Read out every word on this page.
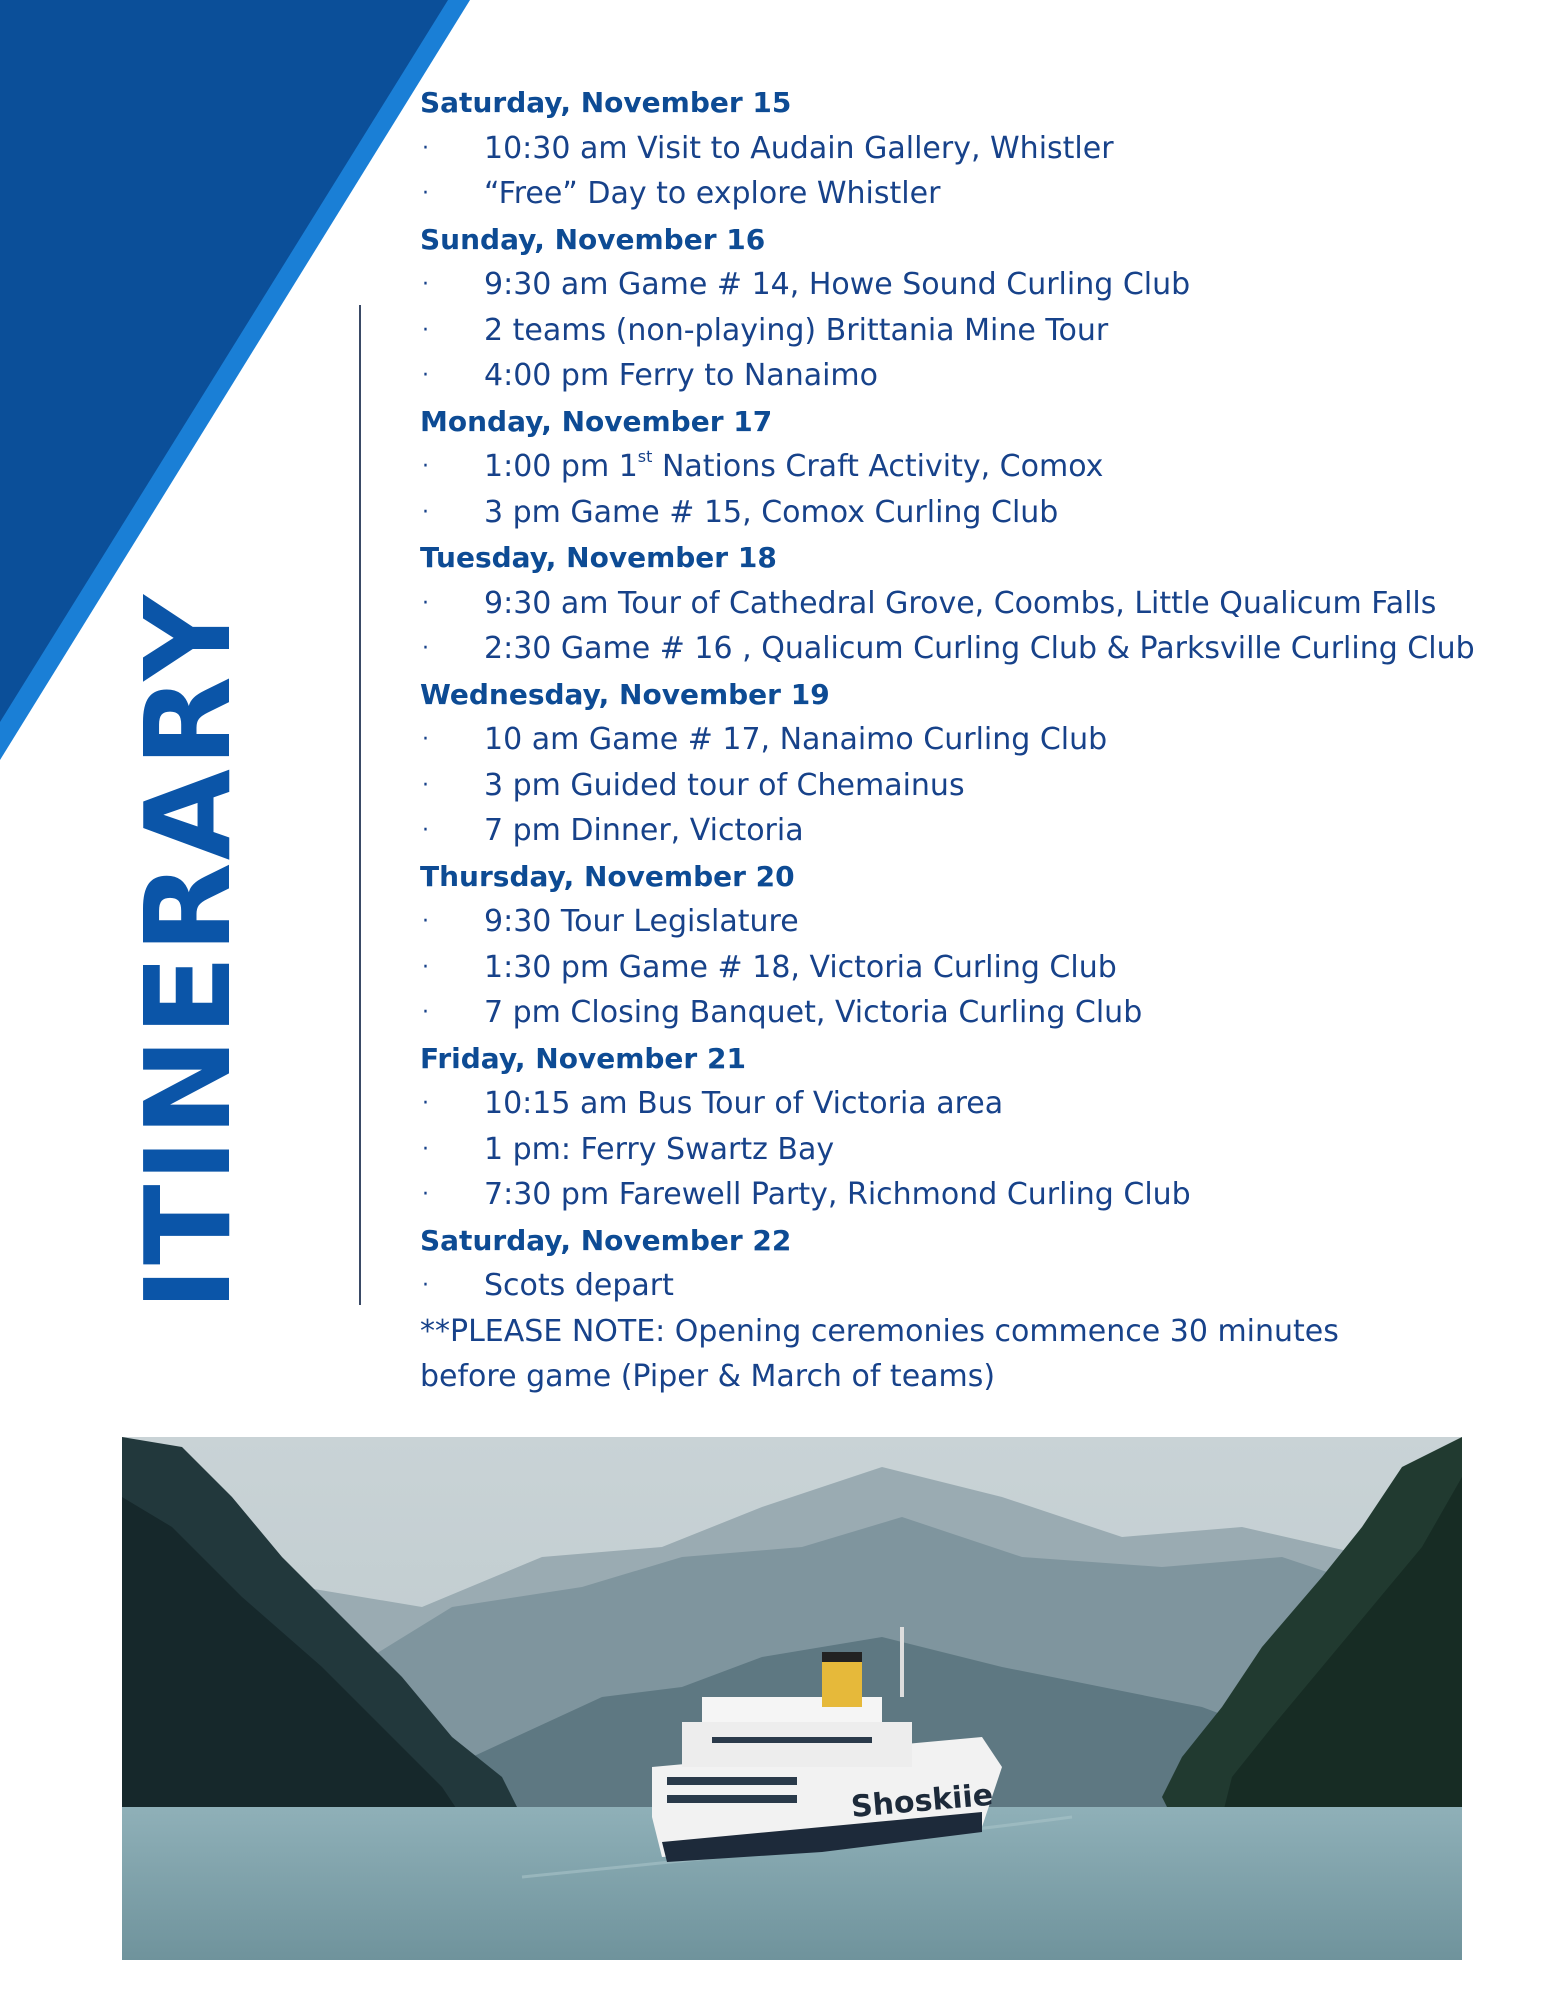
ITINERARY
Saturday, November 15
· 10:30 am Visit to Audain Gallery, Whistler
· “Free” Day to explore Whistler
Sunday, November 16
· 9:30 am Game # 14, Howe Sound Curling Club
· 2 teams (non-playing) Brittania Mine Tour
· 4:00 pm Ferry to Nanaimo
Monday, November 17
· 1:00 pm 1st Nations Craft Activity, Comox
· 3 pm Game # 15, Comox Curling Club
Tuesday, November 18
· 9:30 am Tour of Cathedral Grove, Coombs, Little Qualicum Falls
· 2:30 Game # 16 , Qualicum Curling Club & Parksville Curling Club
Wednesday, November 19
· 10 am Game # 17, Nanaimo Curling Club
· 3 pm Guided tour of Chemainus
· 7 pm Dinner, Victoria
Thursday, November 20
· 9:30 Tour Legislature
· 1:30 pm Game # 18, Victoria Curling Club
· 7 pm Closing Banquet, Victoria Curling Club
Friday, November 21
· 10:15 am Bus Tour of Victoria area
· 1 pm: Ferry Swartz Bay
· 7:30 pm Farewell Party, Richmond Curling Club
Saturday, November 22
· Scots depart
**PLEASE NOTE: Opening ceremonies commence 30 minutes before game (Piper & March of teams)
Shoskiie
